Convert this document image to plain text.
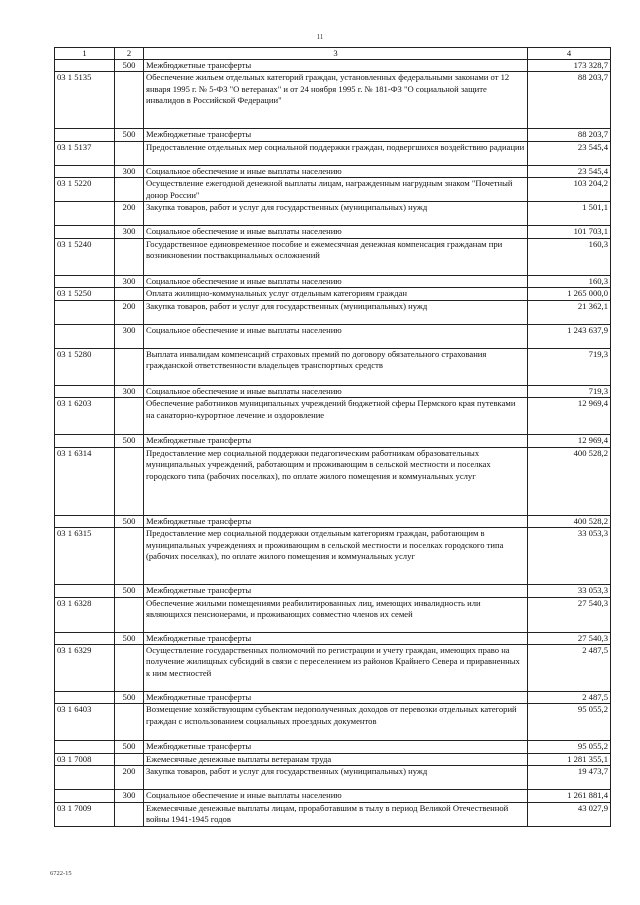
11
1	2	3	4
	500	Межбюджетные трансферты	173 328,7
03 1 5135		Обеспечение жильем отдельных категорий граждан, установленных федеральными законами от 12 января 1995 г. № 5-ФЗ "О ветеранах" и от 24 ноября 1995 г. № 181-ФЗ "О социальной защите инвалидов в Российской Федерации"	88 203,7
	500	Межбюджетные трансферты	88 203,7
03 1 5137		Предоставление отдельных мер социальной поддержки граждан, подвергшихся воздействию радиации	23 545,4
	300	Социальное обеспечение и иные выплаты населению	23 545,4
03 1 5220		Осуществление ежегодной денежной выплаты лицам, награжденным нагрудным знаком "Почетный донор России"	103 204,2
	200	Закупка товаров, работ и услуг для государственных (муниципальных) нужд	1 501,1
	300	Социальное обеспечение и иные выплаты населению	101 703,1
03 1 5240		Государственное единовременное пособие и ежемесячная денежная компенсация гражданам при возникновении поствакцинальных осложнений	160,3
	300	Социальное обеспечение и иные выплаты населению	160,3
03 1 5250		Оплата жилищно-коммунальных услуг отдельным категориям граждан	1 265 000,0
	200	Закупка товаров, работ и услуг для государственных (муниципальных) нужд	21 362,1
	300	Социальное обеспечение и иные выплаты населению	1 243 637,9
03 1 5280		Выплата инвалидам компенсаций страховых премий по договору обязательного страхования гражданской ответственности владельцев транспортных средств	719,3
	300	Социальное обеспечение и иные выплаты населению	719,3
03 1 6203		Обеспечение работников муниципальных учреждений бюджетной сферы Пермского края путевками на санаторно-курортное лечение и оздоровление	12 969,4
	500	Межбюджетные трансферты	12 969,4
03 1 6314		Предоставление мер социальной поддержки педагогическим работникам образовательных муниципальных учреждений, работающим и проживающим в сельской местности и поселках городского типа (рабочих поселках), по оплате жилого помещения и коммунальных услуг	400 528,2
	500	Межбюджетные трансферты	400 528,2
03 1 6315		Предоставление мер социальной поддержки отдельным категориям граждан, работающим в муниципальных учреждениях и проживающим в сельской местности и поселках городского типа (рабочих поселках), по оплате жилого помещения и коммунальных услуг	33 053,3
	500	Межбюджетные трансферты	33 053,3
03 1 6328		Обеспечение жилыми помещениями реабилитированных лиц, имеющих инвалидность или являющихся пенсионерами, и проживающих совместно членов их семей	27 540,3
	500	Межбюджетные трансферты	27 540,3
03 1 6329		Осуществление государственных полномочий по регистрации и учету граждан, имеющих право на получение жилищных субсидий в связи с переселением из районов Крайнего Севера и приравненных к ним местностей	2 487,5
	500	Межбюджетные трансферты	2 487,5
03 1 6403		Возмещение хозяйствующим субъектам недополученных доходов от перевозки отдельных категорий граждан с использованием социальных проездных документов	95 055,2
	500	Межбюджетные трансферты	95 055,2
03 1 7008		Ежемесячные денежные выплаты ветеранам труда	1 281 355,1
	200	Закупка товаров, работ и услуг для государственных (муниципальных) нужд	19 473,7
	300	Социальное обеспечение и иные выплаты населению	1 261 881,4
03 1 7009		Ежемесячные денежные выплаты лицам, проработавшим в тылу в период Великой Отечественной войны 1941-1945 годов	43 027,9
6722-15
